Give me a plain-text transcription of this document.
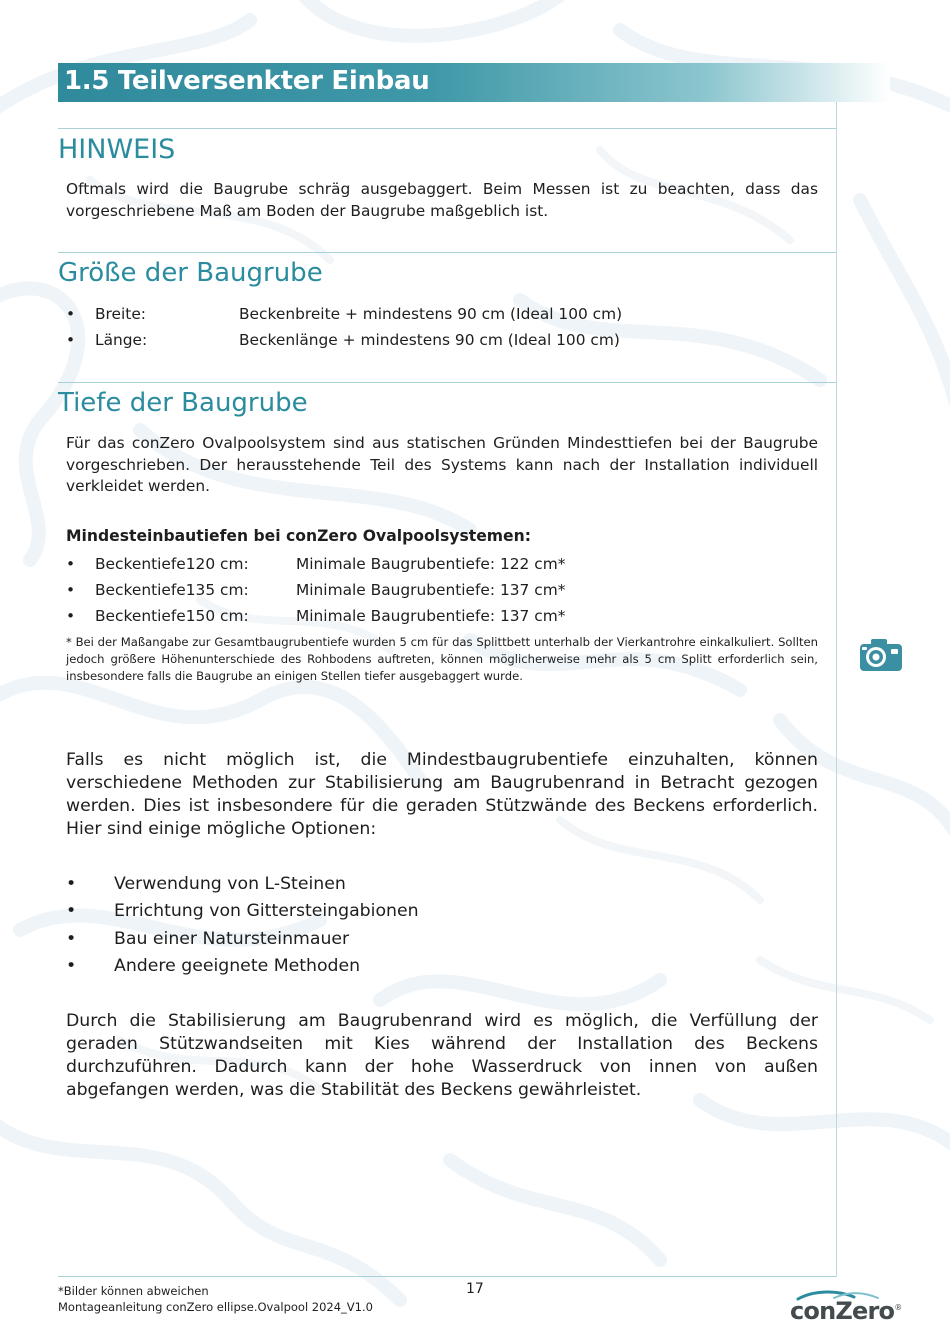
1.5 Teilversenkter Einbau
HINWEIS
Oftmals wird die Baugrube schräg ausgebaggert. Beim Messen ist zu beachten, dass das vorgeschriebene Maß am Boden der Baugrube maßgeblich ist.
Größe der Baugrube
• Breite:	Beckenbreite + mindestens 90 cm (Ideal 100 cm)
• Länge:	Beckenlänge + mindestens 90 cm (Ideal 100 cm)
Tiefe der Baugrube
Für das conZero Ovalpoolsystem sind aus statischen Gründen Mindesttiefen bei der Baugrube vorgeschrieben. Der herausstehende Teil des Systems kann nach der Installation individuell verkleidet werden.
Mindesteinbautiefen bei conZero Ovalpoolsystemen:
• Beckentiefe120 cm:	Minimale Baugrubentiefe: 122 cm*
• Beckentiefe135 cm:	Minimale Baugrubentiefe: 137 cm*
• Beckentiefe150 cm:	Minimale Baugrubentiefe: 137 cm*
* Bei der Maßangabe zur Gesamtbaugrubentiefe wurden 5 cm für das Splittbett unterhalb der Vierkantrohre einkalkuliert. Sollten jedoch größere Höhenunterschiede des Rohbodens auftreten, können möglicherweise mehr als 5 cm Splitt erforderlich sein, insbesondere falls die Baugrube an einigen Stellen tiefer ausgebaggert wurde.
Falls es nicht möglich ist, die Mindestbaugrubentiefe einzuhalten, können verschiedene Methoden zur Stabilisierung am Baugrubenrand in Betracht gezogen werden. Dies ist insbesondere für die geraden Stützwände des Beckens erforderlich. Hier sind einige mögliche Optionen:
• Verwendung von L-Steinen
• Errichtung von Gittersteingabionen
• Bau einer Natursteinmauer
• Andere geeignete Methoden
Durch die Stabilisierung am Baugrubenrand wird es möglich, die Verfüllung der geraden Stützwandseiten mit Kies während der Installation des Beckens durchzuführen. Dadurch kann der hohe Wasserdruck von innen von außen abgefangen werden, was die Stabilität des Beckens gewährleistet.
*Bilder können abweichen
Montageanleitung conZero ellipse.Ovalpool 2024_V1.0
17
conZero®
